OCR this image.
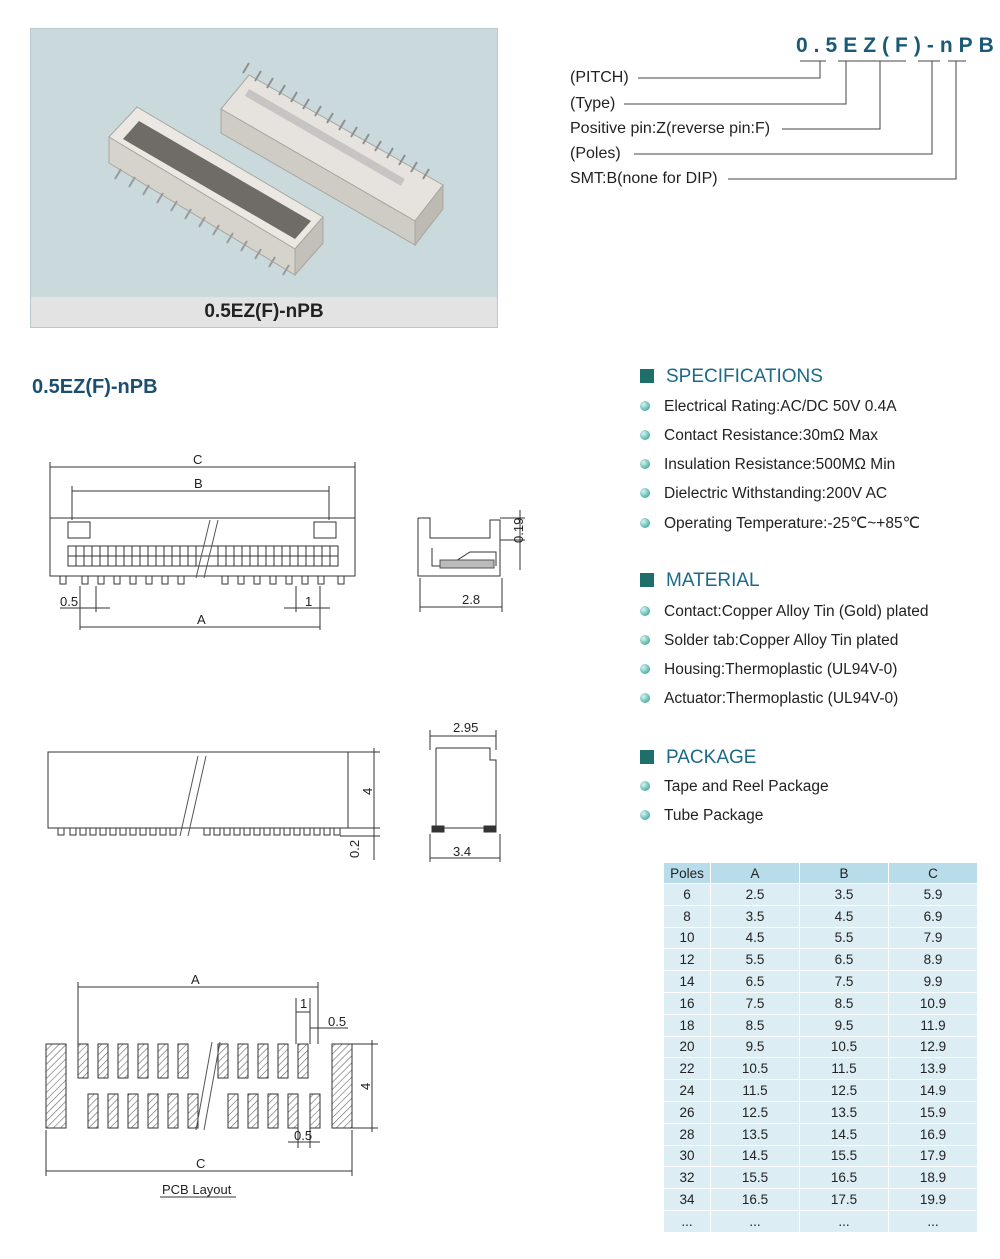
0.5EZ(F)-nPB
0.5EZ(F)-nPB
(PITCH)
(Type)
Positive pin:Z(reverse pin:F)
(Poles)
SMT:B(none for DIP)
0.5EZ(F)-nPB
C
B
0.5	1
A
0.19
2.8
2.95
4
0.2	3.4
A
1
0.5
4
0.5
C
PCB Layout
SPECIFICATIONS
Electrical Rating:AC/DC 50V 0.4A
Contact Resistance:30mΩ Max
Insulation Resistance:500MΩ Min
Dielectric Withstanding:200V AC
Operating Temperature:-25℃~+85℃
MATERIAL
Contact:Copper Alloy Tin (Gold) plated
Solder tab:Copper Alloy Tin plated
Housing:Thermoplastic (UL94V-0)
Actuator:Thermoplastic (UL94V-0)
PACKAGE
Tape and Reel Package
Tube Package
Poles	A	B	C
6	2.5	3.5	5.9
8	3.5	4.5	6.9
10	4.5	5.5	7.9
12	5.5	6.5	8.9
14	6.5	7.5	9.9
16	7.5	8.5	10.9
18	8.5	9.5	11.9
20	9.5	10.5	12.9
22	10.5	11.5	13.9
24	11.5	12.5	14.9
26	12.5	13.5	15.9
28	13.5	14.5	16.9
30	14.5	15.5	17.9
32	15.5	16.5	18.9
34	16.5	17.5	19.9
...	...	...	...
